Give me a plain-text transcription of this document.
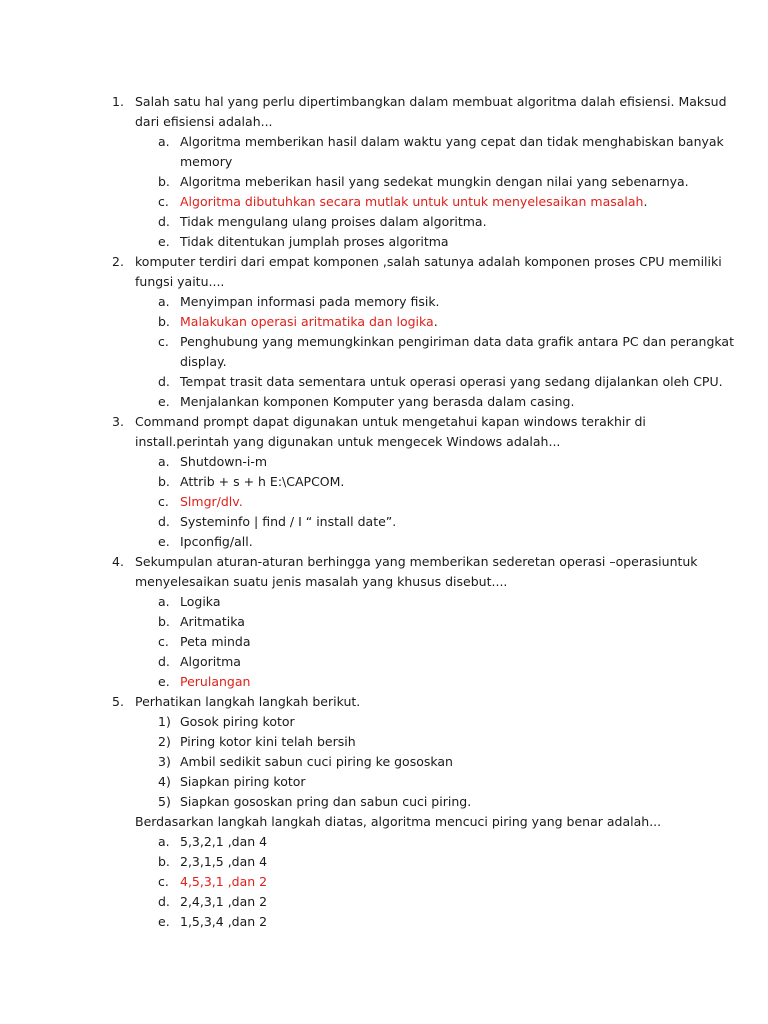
1. Salah satu hal yang perlu dipertimbangkan dalam membuat algoritma dalah efisiensi. Maksud
dari efisiensi adalah...
a. Algoritma memberikan hasil dalam waktu yang cepat dan tidak menghabiskan banyak
memory
b. Algoritma meberikan hasil yang sedekat mungkin dengan nilai yang sebenarnya.
c. Algoritma dibutuhkan secara mutlak untuk untuk menyelesaikan masalah.
d. Tidak mengulang ulang proises dalam algoritma.
e. Tidak ditentukan jumplah proses algoritma
2. komputer terdiri dari empat komponen ,salah satunya adalah komponen proses CPU memiliki
fungsi yaitu....
a. Menyimpan informasi pada memory fisik.
b. Malakukan operasi aritmatika dan logika.
c. Penghubung yang memungkinkan pengiriman data data grafik antara PC dan perangkat
display.
d. Tempat trasit data sementara untuk operasi operasi yang sedang dijalankan oleh CPU.
e. Menjalankan komponen Komputer yang berasda dalam casing.
3. Command prompt dapat digunakan untuk mengetahui kapan windows terakhir di
install.perintah yang digunakan untuk mengecek Windows adalah...
a. Shutdown-i-m
b. Attrib + s + h E:\CAPCOM.
c. Slmgr/dlv.
d. Systeminfo | find / I “ install date”.
e. Ipconfig/all.
4. Sekumpulan aturan-aturan berhingga yang memberikan sederetan operasi –operasiuntuk
menyelesaikan suatu jenis masalah yang khusus disebut....
a. Logika
b. Aritmatika
c. Peta minda
d. Algoritma
e. Perulangan
5. Perhatikan langkah langkah berikut.
1) Gosok piring kotor
2) Piring kotor kini telah bersih
3) Ambil sedikit sabun cuci piring ke gososkan
4) Siapkan piring kotor
5) Siapkan gososkan pring dan sabun cuci piring.
Berdasarkan langkah langkah diatas, algoritma mencuci piring yang benar adalah...
a. 5,3,2,1 ,dan 4
b. 2,3,1,5 ,dan 4
c. 4,5,3,1 ,dan 2
d. 2,4,3,1 ,dan 2
e. 1,5,3,4 ,dan 2
